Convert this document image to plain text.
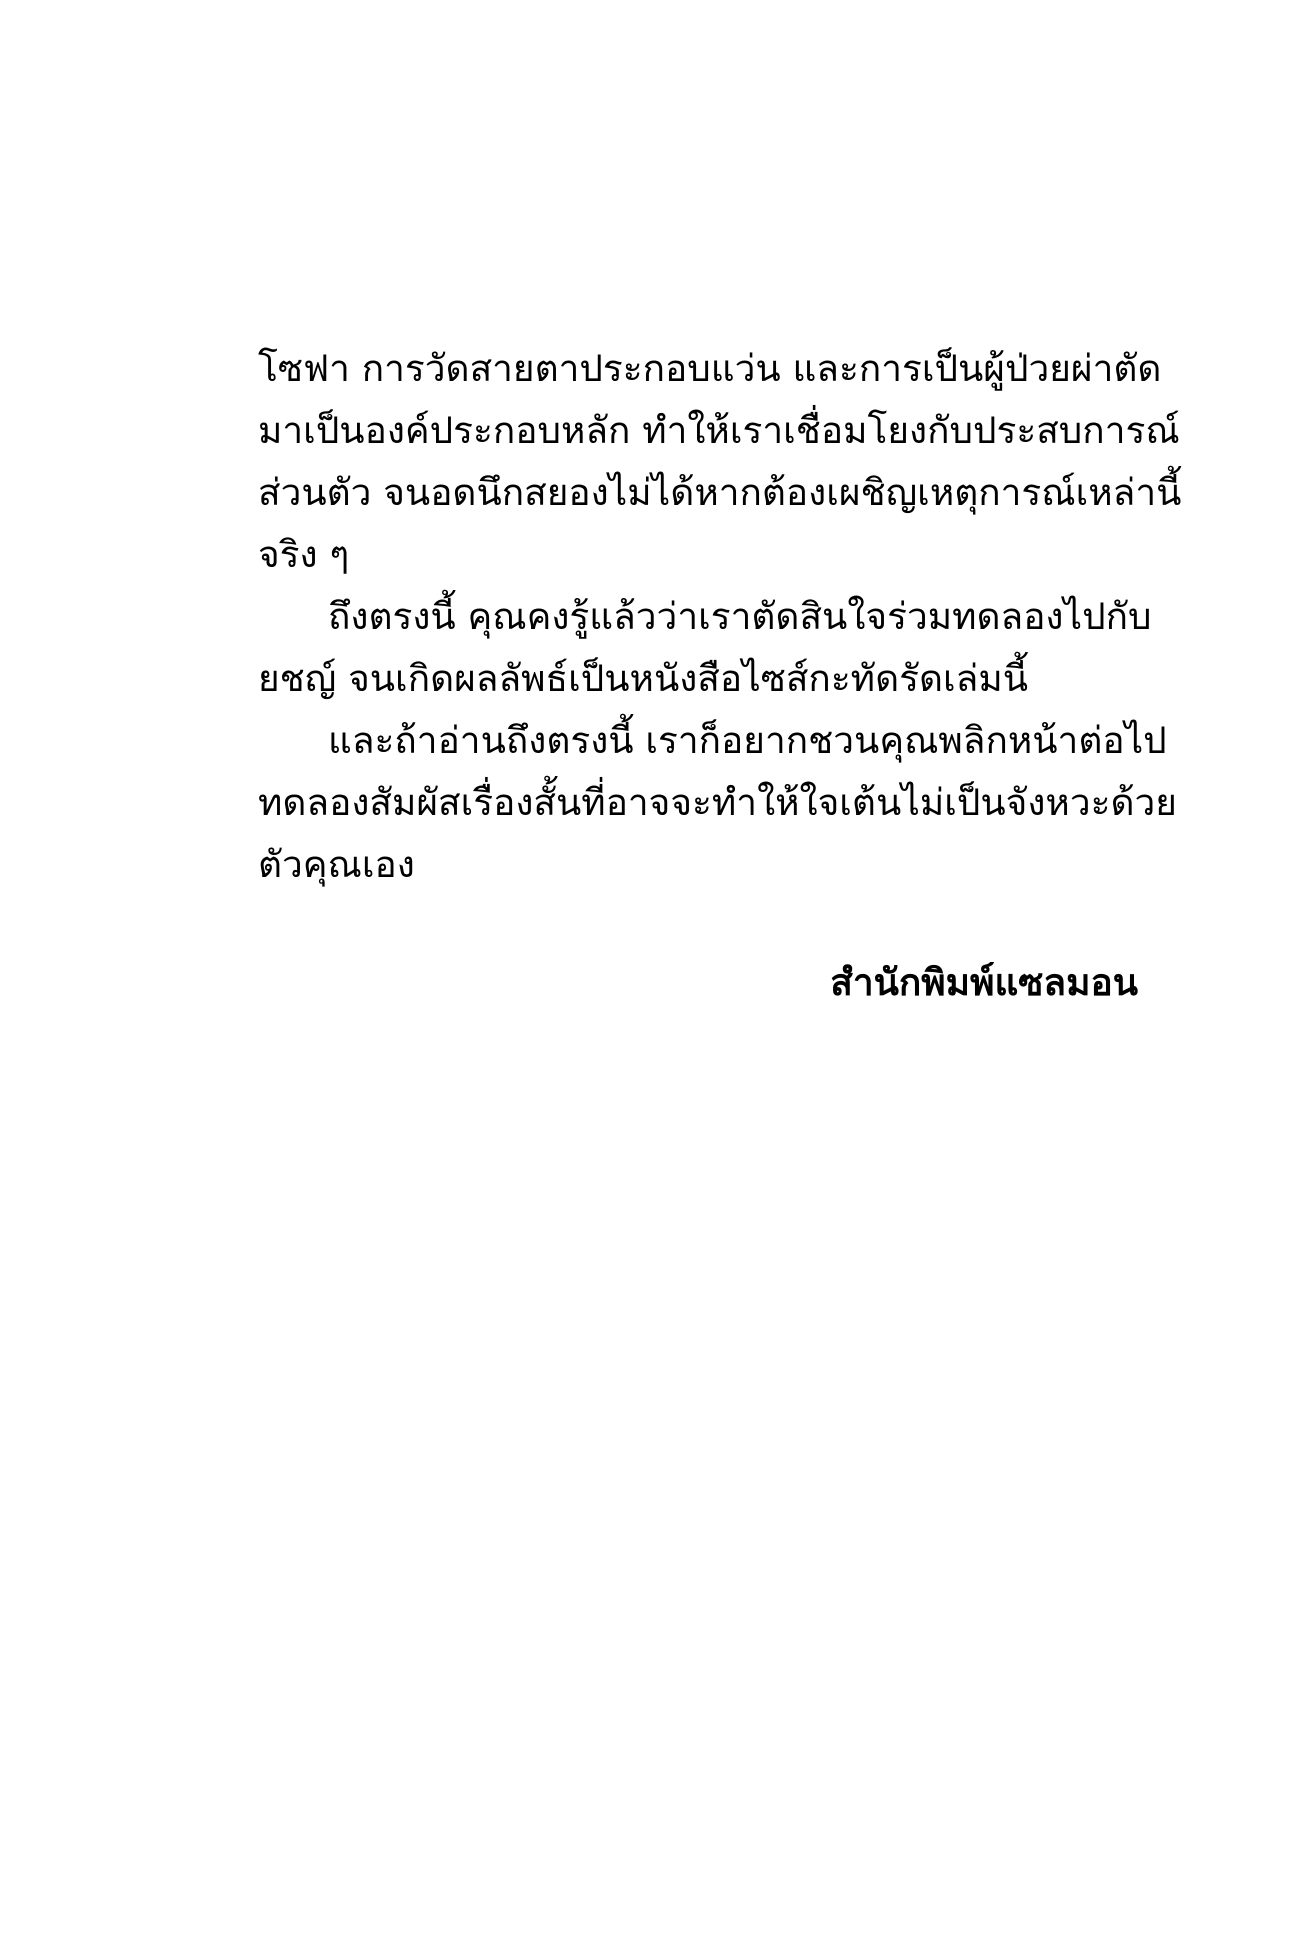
โซฟา การวัดสายตาประกอบแว่น และการเป็นผู้ป่วยผ่าตัด
มาเป็นองค์ประกอบหลัก ทำให้เราเชื่อมโยงกับประสบการณ์
ส่วนตัว จนอดนึกสยองไม่ได้หากต้องเผชิญเหตุการณ์เหล่านี้
จริง ๆ
ถึงตรงนี้ คุณคงรู้แล้วว่าเราตัดสินใจร่วมทดลองไปกับ
ยชญ์ จนเกิดผลลัพธ์เป็นหนังสือไซส์กะทัดรัดเล่มนี้
และถ้าอ่านถึงตรงนี้ เราก็อยากชวนคุณพลิกหน้าต่อไป
ทดลองสัมผัสเรื่องสั้นที่อาจจะทำให้ใจเต้นไม่เป็นจังหวะด้วย
ตัวคุณเอง
สำนักพิมพ์แซลมอน
